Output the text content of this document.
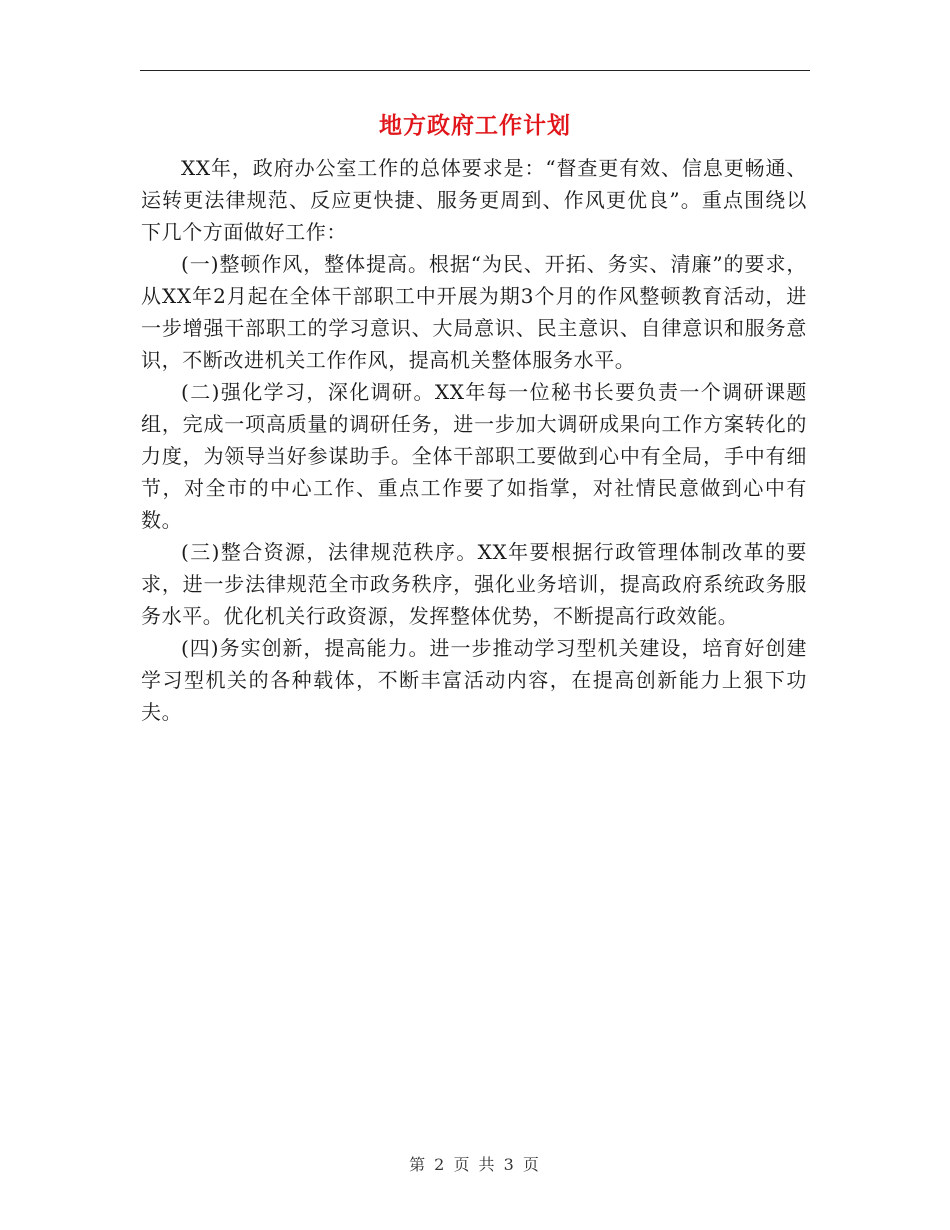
地方政府工作计划

XX年，政府办公室工作的总体要求是：“督查更有效、信息更畅通、运转更法律规范、反应更快捷、服务更周到、作风更优良”。重点围绕以下几个方面做好工作：

(一)整顿作风，整体提高。根据“为民、开拓、务实、清廉”的要求，从XX年2月起在全体干部职工中开展为期3个月的作风整顿教育活动，进一步增强干部职工的学习意识、大局意识、民主意识、自律意识和服务意识，不断改进机关工作作风，提高机关整体服务水平。

(二)强化学习，深化调研。XX年每一位秘书长要负责一个调研课题组，完成一项高质量的调研任务，进一步加大调研成果向工作方案转化的力度，为领导当好参谋助手。全体干部职工要做到心中有全局，手中有细节，对全市的中心工作、重点工作要了如指掌，对社情民意做到心中有数。

(三)整合资源，法律规范秩序。XX年要根据行政管理体制改革的要求，进一步法律规范全市政务秩序，强化业务培训，提高政府系统政务服务水平。优化机关行政资源，发挥整体优势，不断提高行政效能。

(四)务实创新，提高能力。进一步推动学习型机关建设，培育好创建学习型机关的各种载体，不断丰富活动内容，在提高创新能力上狠下功夫。

第 2 页 共 3 页
